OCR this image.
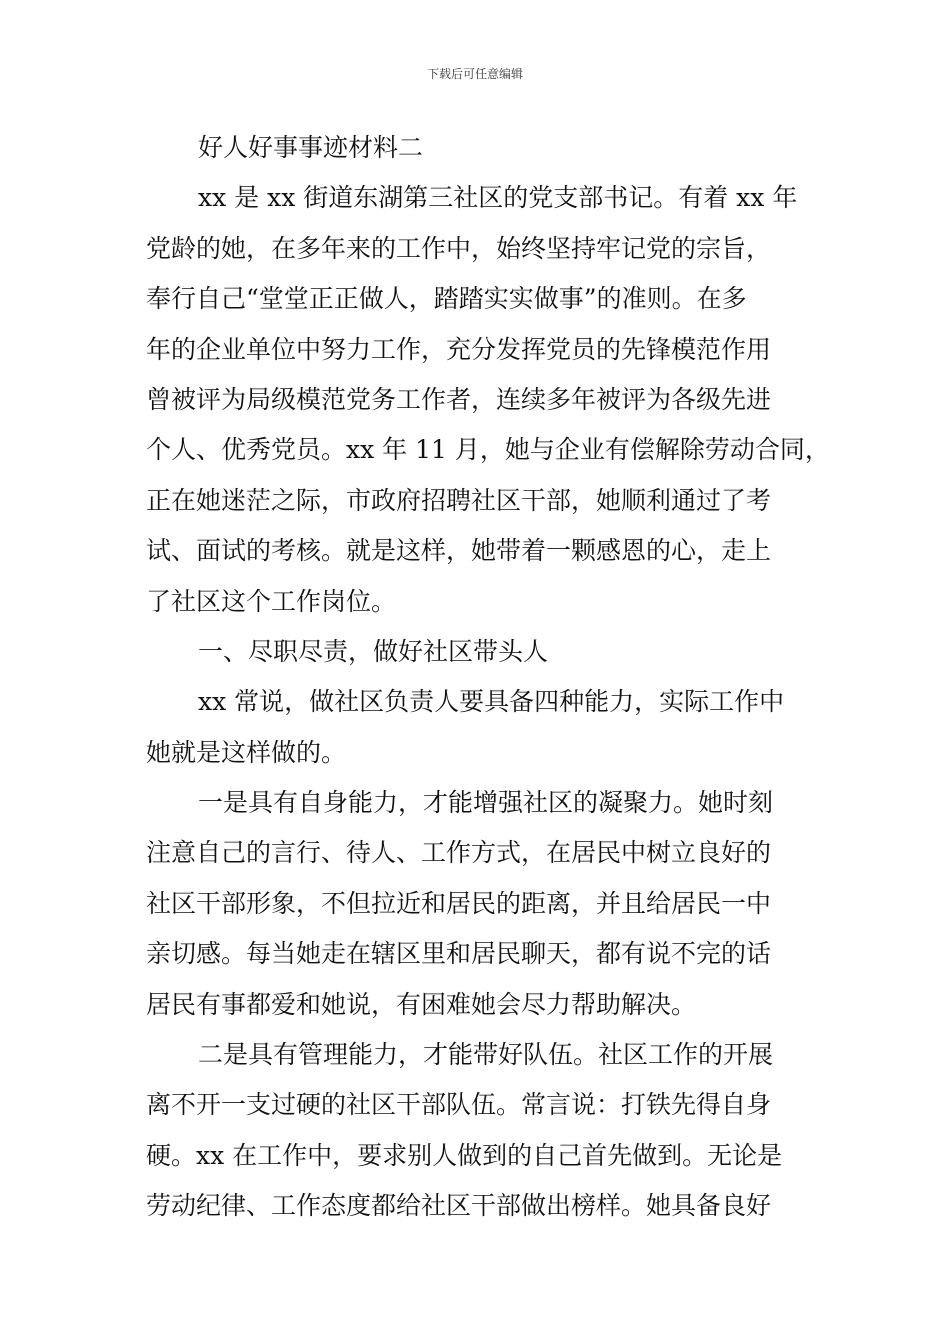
下载后可任意编辑
好人好事事迹材料二
xx 是 xx 街道东湖第三社区的党支部书记。有着 xx 年
党龄的她，在多年来的工作中，始终坚持牢记党的宗旨，
奉行自己“堂堂正正做人，踏踏实实做事”的准则。在多
年的企业单位中努力工作，充分发挥党员的先锋模范作用
曾被评为局级模范党务工作者，连续多年被评为各级先进
个人、优秀党员。xx 年 11 月，她与企业有偿解除劳动合同，
正在她迷茫之际，市政府招聘社区干部，她顺利通过了考
试、面试的考核。就是这样，她带着一颗感恩的心，走上
了社区这个工作岗位。
一、尽职尽责，做好社区带头人
xx 常说，做社区负责人要具备四种能力，实际工作中
她就是这样做的。
一是具有自身能力，才能增强社区的凝聚力。她时刻
注意自己的言行、待人、工作方式，在居民中树立良好的
社区干部形象，不但拉近和居民的距离，并且给居民一中
亲切感。每当她走在辖区里和居民聊天，都有说不完的话
居民有事都爱和她说，有困难她会尽力帮助解决。
二是具有管理能力，才能带好队伍。社区工作的开展
离不开一支过硬的社区干部队伍。常言说：打铁先得自身
硬。xx 在工作中，要求别人做到的自己首先做到。无论是
劳动纪律、工作态度都给社区干部做出榜样。她具备良好
